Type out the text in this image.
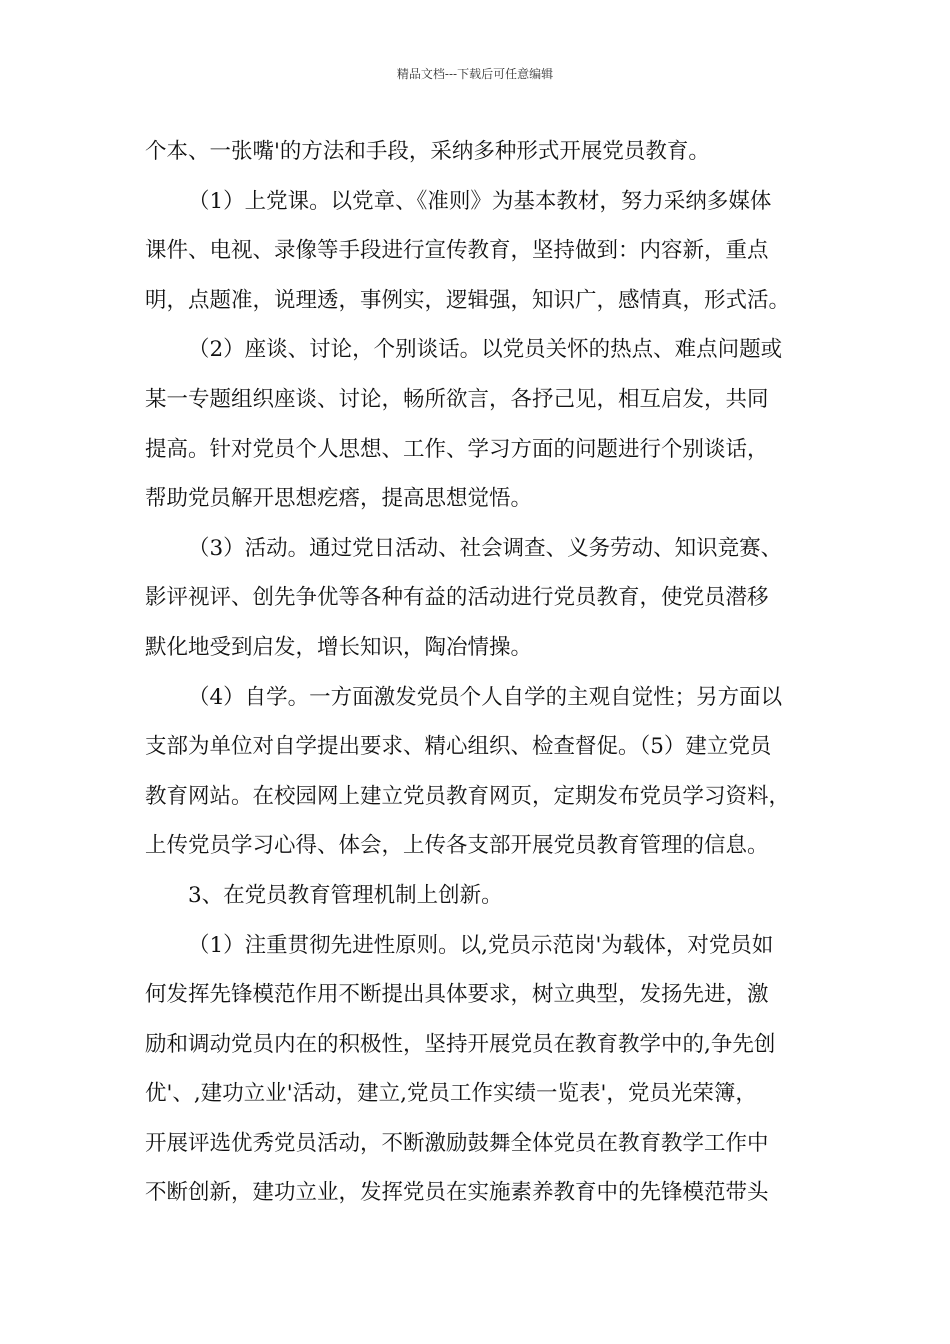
精品文档---下载后可任意编辑
个本、一张嘴'的方法和手段，采纳多种形式开展党员教育。
（1）上党课。以党章、《准则》为基本教材，努力采纳多媒体
课件、电视、录像等手段进行宣传教育，坚持做到：内容新，重点
明，点题准，说理透，事例实，逻辑强，知识广，感情真，形式活。
（2）座谈、讨论，个别谈话。以党员关怀的热点、难点问题或
某一专题组织座谈、讨论，畅所欲言，各抒己见，相互启发，共同
提高。针对党员个人思想、工作、学习方面的问题进行个别谈话，
帮助党员解开思想疙瘩，提高思想觉悟。
（3）活动。通过党日活动、社会调查、义务劳动、知识竞赛、
影评视评、创先争优等各种有益的活动进行党员教育，使党员潜移
默化地受到启发，增长知识，陶冶情操。
（4）自学。一方面激发党员个人自学的主观自觉性；另方面以
支部为单位对自学提出要求、精心组织、检查督促。（5）建立党员
教育网站。在校园网上建立党员教育网页，定期发布党员学习资料，
上传党员学习心得、体会，上传各支部开展党员教育管理的信息。
3、在党员教育管理机制上创新。
（1）注重贯彻先进性原则。以,党员示范岗'为载体，对党员如
何发挥先锋模范作用不断提出具体要求，树立典型，发扬先进，激
励和调动党员内在的积极性，坚持开展党员在教育教学中的,争先创
优'、,建功立业'活动，建立,党员工作实绩一览表'，党员光荣簿，
开展评选优秀党员活动，不断激励鼓舞全体党员在教育教学工作中
不断创新，建功立业，发挥党员在实施素养教育中的先锋模范带头
